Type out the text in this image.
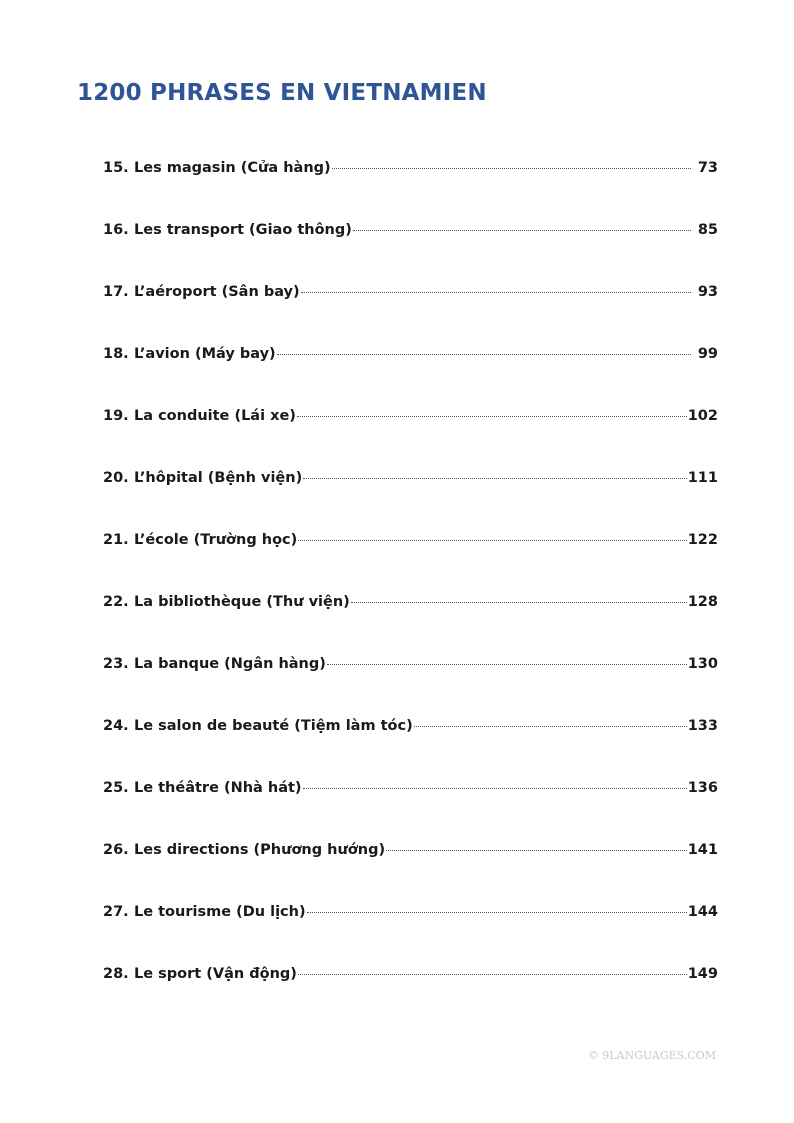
1200 PHRASES EN VIETNAMIEN
15. Les magasin (Cửa hàng)	73
16. Les transport (Giao thông)	85
17. L’aéroport (Sân bay)	93
18. L’avion (Máy bay)	99
19. La conduite (Lái xe)	102
20. L’hôpital (Bệnh viện)	111
21. L’école (Trường học)	122
22. La bibliothèque (Thư viện)	128
23. La banque (Ngân hàng)	130
24. Le salon de beauté (Tiệm làm tóc)	133
25. Le théâtre (Nhà hát)	136
26. Les directions (Phương hướng)	141
27. Le tourisme (Du lịch)	144
28. Le sport (Vận động)	149
© 9LANGUAGES.COM
